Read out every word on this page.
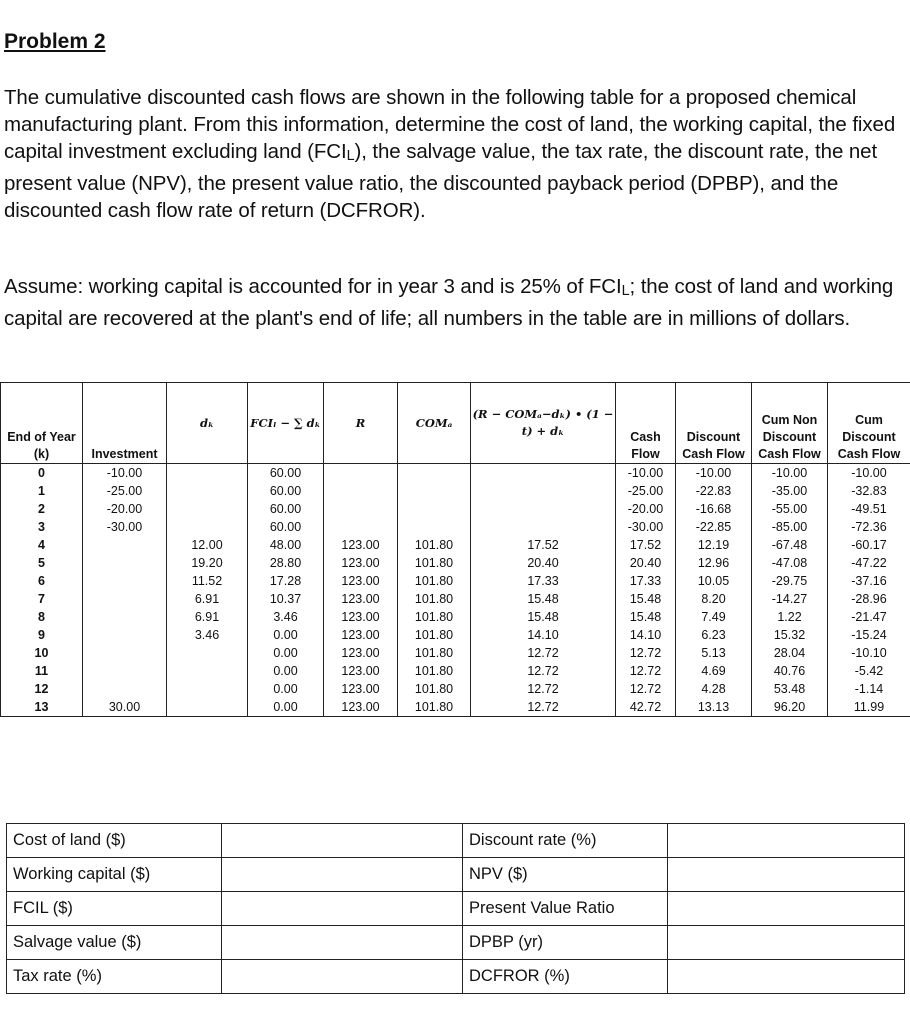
Problem 2
The cumulative discounted cash flows are shown in the following table for a proposed chemical manufacturing plant. From this information, determine the cost of land, the working capital, the fixed capital investment excluding land $(FCI_L)$, the salvage value, the tax rate, the discount rate, the net present value (NPV), the present value ratio, the discounted payback period (DPBP), and the discounted cash flow rate of return (DCFROR).
Assume: working capital is accounted for in year 3 and is 25% of $FCI_L$; the cost of land and working capital are recovered at the plant's end of life; all numbers in the table are in millions of dollars.
End of Year (k)	Investment	dₖ	FCIₗ − ∑ dₖ	R	COMₐ	(R − COMₐ−dₖ) • (1 − t) + dₖ	Cash Flow	Discount Cash Flow	Cum Non Discount Cash Flow	Cum Discount Cash Flow
0	-10.00		60.00				-10.00	-10.00	-10.00	-10.00
1	-25.00		60.00				-25.00	-22.83	-35.00	-32.83
2	-20.00		60.00				-20.00	-16.68	-55.00	-49.51
3	-30.00		60.00				-30.00	-22.85	-85.00	-72.36
4		12.00	48.00	123.00	101.80	17.52	17.52	12.19	-67.48	-60.17
5		19.20	28.80	123.00	101.80	20.40	20.40	12.96	-47.08	-47.22
6		11.52	17.28	123.00	101.80	17.33	17.33	10.05	-29.75	-37.16
7		6.91	10.37	123.00	101.80	15.48	15.48	8.20	-14.27	-28.96
8		6.91	3.46	123.00	101.80	15.48	15.48	7.49	1.22	-21.47
9		3.46	0.00	123.00	101.80	14.10	14.10	6.23	15.32	-15.24
10			0.00	123.00	101.80	12.72	12.72	5.13	28.04	-10.10
11			0.00	123.00	101.80	12.72	12.72	4.69	40.76	-5.42
12			0.00	123.00	101.80	12.72	12.72	4.28	53.48	-1.14
13	30.00		0.00	123.00	101.80	12.72	42.72	13.13	96.20	11.99
Cost of land ($)		Discount rate (%)	
Working capital ($)		NPV ($)	
FCIL ($)		Present Value Ratio	
Salvage value ($)		DPBP (yr)	
Tax rate (%)		DCFROR (%)	
